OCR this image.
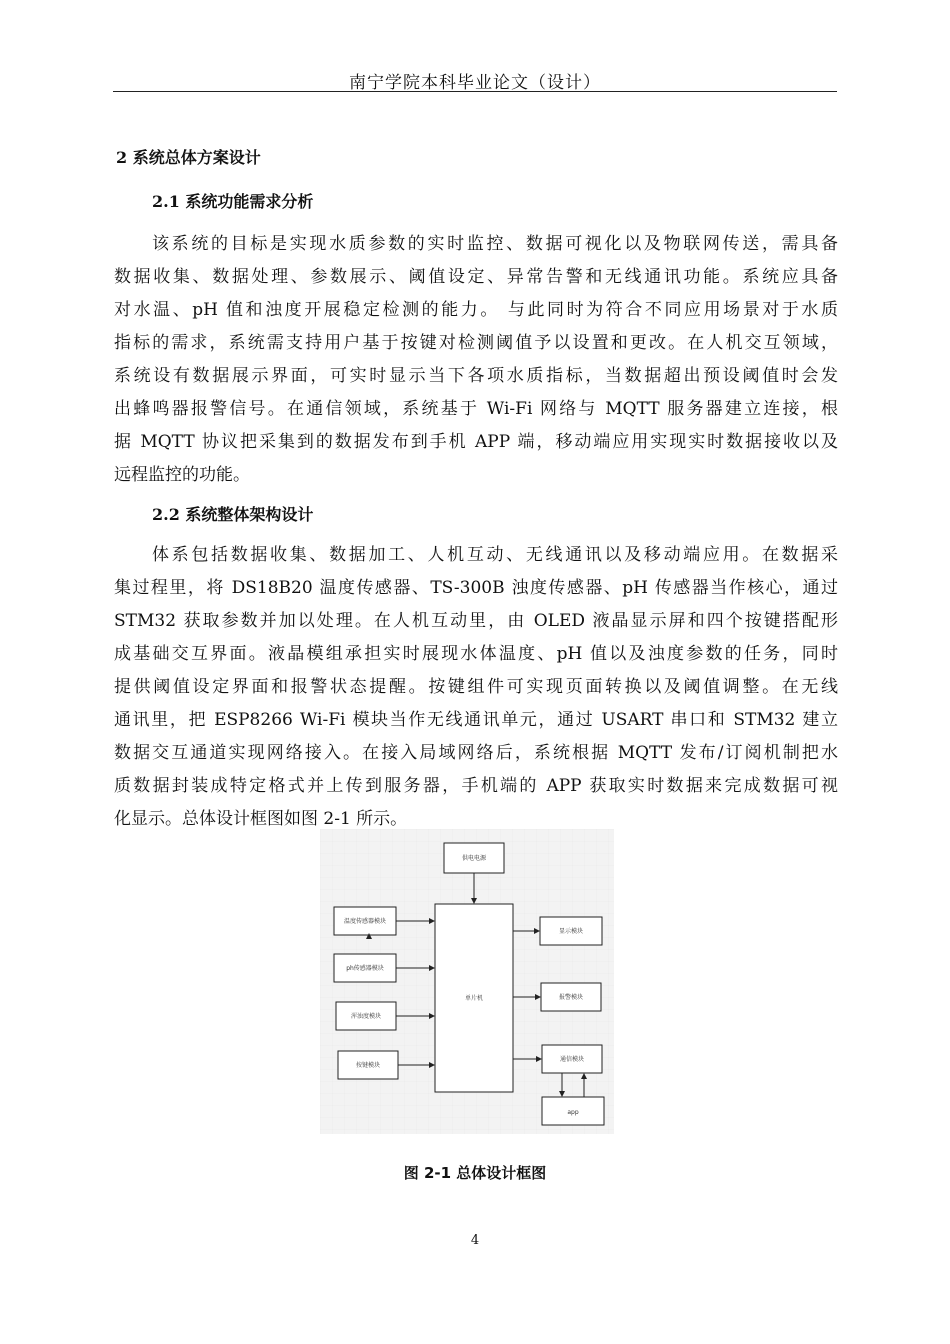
南宁学院本科毕业论文（设计）
2 系统总体方案设计
2.1 系统功能需求分析
该系统的目标是实现水质参数的实时监控、数据可视化以及物联网传送，需具备
数据收集、数据处理、参数展示、阈值设定、异常告警和无线通讯功能。系统应具备
对水温、pH 值和浊度开展稳定检测的能力。 与此同时为符合不同应用场景对于水质
指标的需求，系统需支持用户基于按键对检测阈值予以设置和更改。在人机交互领域，
系统设有数据展示界面，可实时显示当下各项水质指标，当数据超出预设阈值时会发
出蜂鸣器报警信号。在通信领域，系统基于 Wi-Fi 网络与 MQTT 服务器建立连接，根
据 MQTT 协议把采集到的数据发布到手机 APP 端，移动端应用实现实时数据接收以及
远程监控的功能。
2.2 系统整体架构设计
体系包括数据收集、数据加工、人机互动、无线通讯以及移动端应用。在数据采
集过程里，将 DS18B20 温度传感器、TS-300B 浊度传感器、pH 传感器当作核心，通过
STM32 获取参数并加以处理。在人机互动里，由 OLED 液晶显示屏和四个按键搭配形
成基础交互界面。液晶模组承担实时展现水体温度、pH 值以及浊度参数的任务，同时
提供阈值设定界面和报警状态提醒。按键组件可实现页面转换以及阈值调整。在无线
通讯里，把 ESP8266 Wi-Fi 模块当作无线通讯单元，通过 USART 串口和 STM32 建立
数据交互通道实现网络接入。在接入局域网络后，系统根据 MQTT 发布/订阅机制把水
质数据封装成特定格式并上传到服务器，手机端的 APP 获取实时数据来完成数据可视
化显示。总体设计框图如图 2-1 所示。
供电电源
单片机
温度传感器模块
ph传感器模块
浑浊度模块
按键模块
显示模块
报警模块
通信模块
app
图 2-1 总体设计框图
4
